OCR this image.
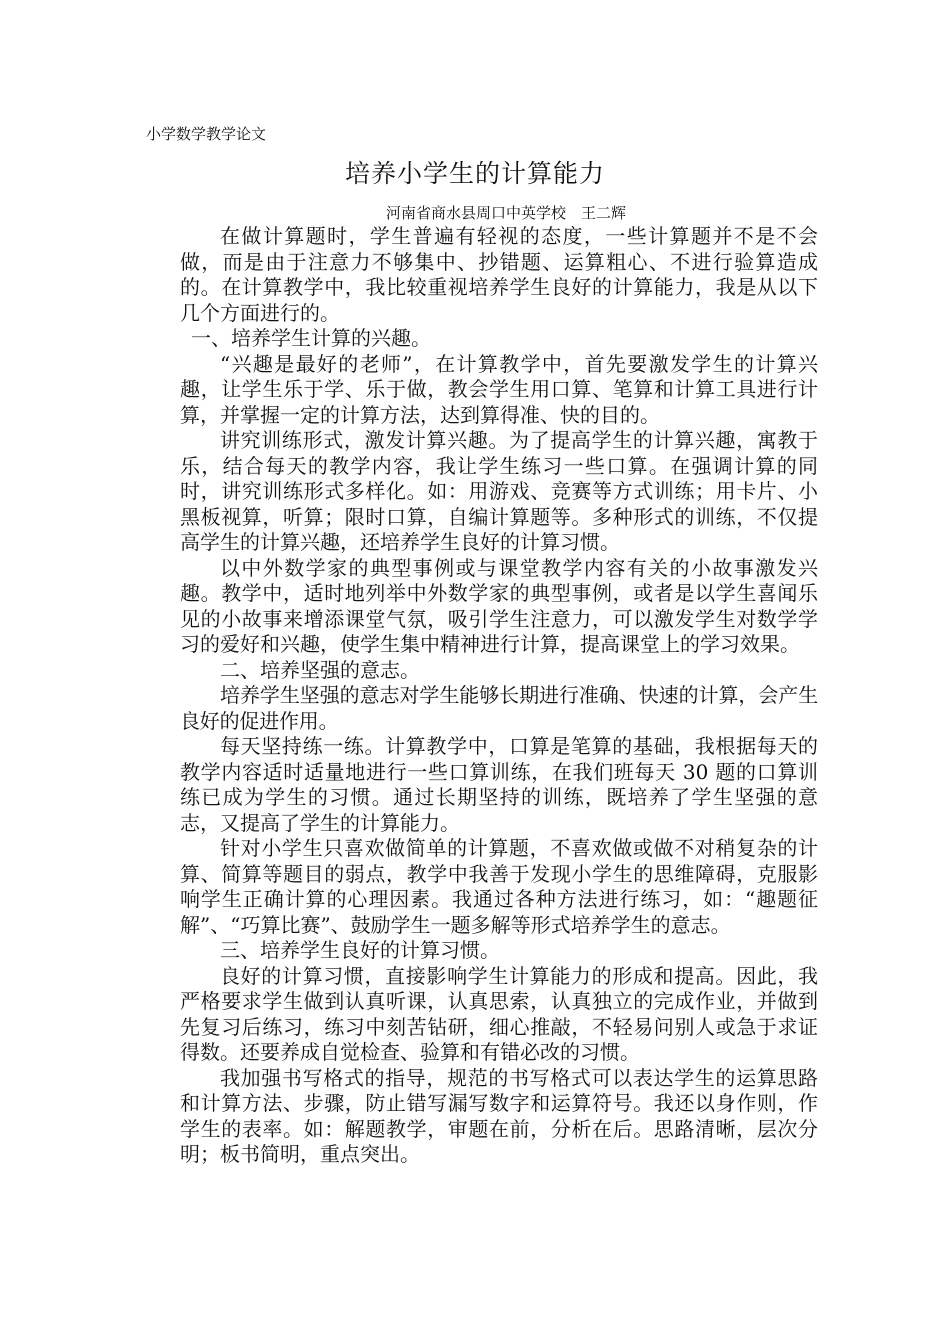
小学数学教学论文
培养小学生的计算能力
河南省商水县周口中英学校　王二辉

在做计算题时，学生普遍有轻视的态度，一些计算题并不是不会做，而是由于注意力不够集中、抄错题、运算粗心、不进行验算造成的。在计算教学中，我比较重视培养学生良好的计算能力，我是从以下几个方面进行的。

一、培养学生计算的兴趣。

“兴趣是最好的老师”，在计算教学中，首先要激发学生的计算兴趣，让学生乐于学、乐于做，教会学生用口算、笔算和计算工具进行计算，并掌握一定的计算方法，达到算得准、快的目的。

讲究训练形式，激发计算兴趣。为了提高学生的计算兴趣，寓教于乐，结合每天的教学内容，我让学生练习一些口算。在强调计算的同时，讲究训练形式多样化。如：用游戏、竞赛等方式训练；用卡片、小黑板视算，听算；限时口算，自编计算题等。多种形式的训练，不仅提高学生的计算兴趣，还培养学生良好的计算习惯。

以中外数学家的典型事例或与课堂教学内容有关的小故事激发兴趣。教学中，适时地列举中外数学家的典型事例，或者是以学生喜闻乐见的小故事来增添课堂气氛，吸引学生注意力，可以激发学生对数学学习的爱好和兴趣，使学生集中精神进行计算，提高课堂上的学习效果。

二、培养坚强的意志。

培养学生坚强的意志对学生能够长期进行准确、快速的计算，会产生良好的促进作用。

每天坚持练一练。计算教学中，口算是笔算的基础，我根据每天的教学内容适时适量地进行一些口算训练，在我们班每天 30 题的口算训练已成为学生的习惯。通过长期坚持的训练，既培养了学生坚强的意志，又提高了学生的计算能力。

针对小学生只喜欢做简单的计算题，不喜欢做或做不对稍复杂的计算、简算等题目的弱点，教学中我善于发现小学生的思维障碍，克服影响学生正确计算的心理因素。我通过各种方法进行练习，如：“趣题征解”、“巧算比赛”、鼓励学生一题多解等形式培养学生的意志。

三、培养学生良好的计算习惯。

良好的计算习惯，直接影响学生计算能力的形成和提高。因此，我严格要求学生做到认真听课，认真思索，认真独立的完成作业，并做到先复习后练习，练习中刻苦钻研，细心推敲，不轻易问别人或急于求证得数。还要养成自觉检查、验算和有错必改的习惯。

我加强书写格式的指导，规范的书写格式可以表达学生的运算思路和计算方法、步骤，防止错写漏写数字和运算符号。我还以身作则，作学生的表率。如：解题教学，审题在前，分析在后。思路清晰，层次分明；板书简明，重点突出。
